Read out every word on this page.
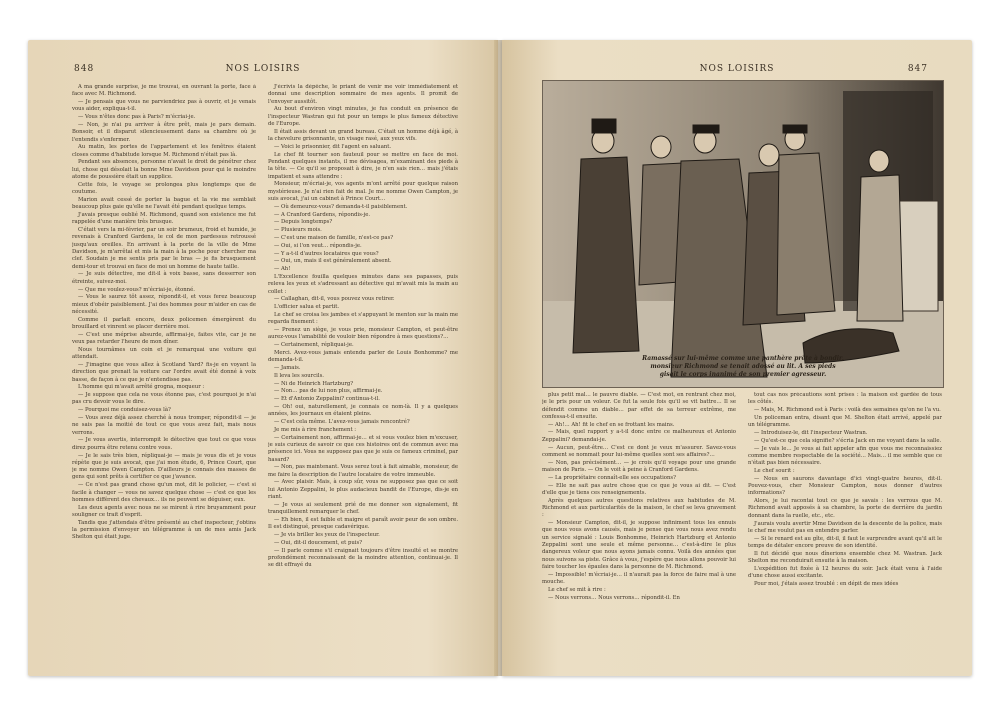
848	NOS LOISIRS

A ma grande surprise, je me trouvai, en ouvrant la porte, face à face avec M. Richmond.

— Je pensais que vous ne parviendriez pas à ouvrir, et je venais vous aider, expliqua-t-il.

— Vous n'êtes donc pas à Paris? m'écriai-je.

— Non, je n'ai pu arriver à être prêt, mais je pars demain. Bonsoir, et il disparut silencieusement dans sa chambre où je l'entendis s'enfermer.

Au matin, les portes de l'appartement et les fenêtres étaient closes comme d'habitude lorsque M. Richmond n'était pas là.

Pendant ses absences, personne n'avait le droit de pénétrer chez lui, chose qui désolait la bonne Mme Davidson pour qui le moindre atome de poussière était un supplice.

Cette fois, le voyage se prolongea plus longtemps que de coutume.

Marion avait cessé de porter la bague et la vie me semblait beaucoup plus gaie qu'elle ne l'avait été pendant quelque temps.

J'avais presque oublié M. Richmond, quand son existence me fut rappelée d'une manière très brusque.

C'était vers la mi-février, par un soir brumeux, froid et humide, je revenais à Cranford Gardens, le col de mon pardessus retroussé jusqu'aux oreilles. En arrivant à la porte de la ville de Mme Davidson, je m'arrêtai et mis la main à la poche pour chercher ma clef. Soudain je me sentis pris par le bras — je fis brusquement demi-tour et trouvai en face de moi un homme de haute taille.

— Je suis détective, me dit-il à voix basse, sans desserrer son étreinte, suivez-moi.

— Que me voulez-vous? m'écriai-je, étonné.

— Vous le saurez tôt assez, répondit-il, et vous ferez beaucoup mieux d'obéir paisiblement. J'ai des hommes pour m'aider en cas de nécessité.

Comme il parlait encore, deux policemen émergèrent du brouillard et vinrent se placer derrière moi.

— C'est une méprise absurde, affirmai-je, faites vite, car je ne veux pas retarder l'heure de mon dîner.

Nous tournâmes un coin et je remarquai une voiture qui attendait.

— J'imagine que vous allez à Scotland Yard? fis-je en voyant la direction que prenait la voiture car l'ordre avait été donné à voix basse, de façon à ce que je n'entendisse pas.

L'homme qui m'avait arrêté grogna, moqueur :

— Je suppose que cela ne vous étonne pas, c'est pourquoi je n'ai pas cru devoir vous le dire.

— Pourquoi me conduisez-vous là?

— Vous avez déjà assez cherché à nous tromper, répondit-il — je ne sais pas la moitié de tout ce que vous avez fait, mais nous verrons.

— Je vous avertis, interrompit le détective que tout ce que vous direz pourra être retenu contre vous.

— Je le sais très bien, répliquai-je — mais je vous dis et je vous répète que je suis avocat, que j'ai mon étude, 6, Prince Court, que je me nomme Owen Campton. D'ailleurs je connais des masses de gens qui sont prêts à certifier ce que j'avance.

— Ce n'est pas grand chose qu'un mot, dit le policier, — c'est si facile à changer — vous ne savez quelque chose — c'est ce que les hommes diffèrent des chevaux… ils ne peuvent se déguiser, eux.

Les deux agents avec nous ne se mirent à rire bruyamment pour souligner ce trait d'esprit.

Tandis que j'attendais d'être présenté au chef inspecteur, j'obtins la permission d'envoyer un télégramme à un de mes amis Jack Shelton qui était juge.

J'écrivis la dépêche, le priant de venir me voir immédiatement et donnai une description sommaire de mes agents. Il promit de l'envoyer aussitôt.

Au bout d'environ vingt minutes, je fus conduit en présence de l'inspecteur Wastran qui fut pour un temps le plus fameux détective de l'Europe.

Il était assis devant un grand bureau. C'était un homme déjà âgé, à la chevelure grisonnante, un visage rasé, aux yeux vifs.

— Voici le prisonnier, dit l'agent en saluant.

Le chef fit tourner son fauteuil pour se mettre en face de moi. Pendant quelques instants, il me dévisagea, m'examinant des pieds à la tête. — Ce qu'il se proposait à dire, je n'en sais rien… mais j'étais impatient et sans attendre :

Monsieur, m'écriai-je, vos agents m'ont arrêté pour quelque raison mystérieuse. Je n'ai rien fait de mal. Je me nomme Owen Campton, je suis avocat, j'ai un cabinet à Prince Court…

— Où demeurez-vous? demanda-t-il paisiblement.

— A Cranford Gardens, répondis-je.

— Depuis longtemps?

— Plusieurs mois.

— C'est une maison de famille, n'est-ce pas?

— Oui, si l'on veut… répondis-je.

— Y a-t-il d'autres locataires que vous?

— Oui, un, mais il est généralement absent.

— Ah!

L'Excellence fouilla quelques minutes dans ses papasses, puis releva les yeux et s'adressant au détective qui m'avait mis la main au collet :

— Callaghan, dit-il, vous pouvez vous retirer.

L'officier salua et partit.

Le chef se croisa les jambes et s'appuyant le menton sur la main me regarda fixement :

— Prenez un siège, je vous prie, monsieur Campton, et peut-être aurez-vous l'amabilité de vouloir bien répondre à mes questions?…

— Certainement, répliquai-je.

Merci. Avez-vous jamais entendu parler de Louis Bonhomme? me demanda-t-il.

— Jamais.

Il leva les sourcils.

— Ni de Heinrich Hartzburg?

— Non… pas de lui non plus, affirmai-je.

— Et d'Antonio Zeppalini? continua-t-il.

— Oh! oui, naturellement, je connais ce nom-là. Il y a quelques années, les journaux en étaient pleins.

— C'est cela même. L'avez-vous jamais rencontré?

Je me mis à rire franchement :

— Certainement non, affirmai-je… et si vous voulez bien m'excuser, je suis curieux de savoir ce que ces histoires ont de commun avec ma présence ici. Vous ne supposez pas que je suis ce fameux criminel, par hasard?

— Non, pas maintenant. Vous serez tout à fait aimable, monsieur, de me faire la description de l'autre locataire de votre immeuble.

— Avec plaisir. Mais, à coup sûr, vous ne supposez pas que ce soit lui Antonio Zeppalini, le plus audacieux bandit de l'Europe, dis-je en riant.

— Je vous ai seulement prié de me donner son signalement, fit tranquillement remarquer le chef.

— Eh bien, il est faible et maigre et paraît avoir peur de son ombre. Il est distingué, presque cadavérique.

— Je vis briller les yeux de l'inspecteur.

— Oui, dit-il doucement, et puis?

— Il parle comme s'il craignait toujours d'être insulté et se montre profondément reconnaissant de la moindre attention, continuai-je. Il se dit effrayé du

NOS LOISIRS	847
Ramassé sur lui-même comme une panthère prête à bondir,
monsieur Richmond se tenait adossé au lit. A ses pieds
gisait le corps inanimé de son premier agresseur.

plus petit mal… le pauvre diable. — C'est mot, en rentrant chez moi, je le pris pour un voleur. Ce fut la seule fois qu'il se vit battre… Il se défendit comme un diable… par effet de sa terreur extrême, me confessa-t-il ensuite.

— Ah!… Ah! fit le chef en se frottant les mains.

— Mais, quel rapport y a-t-il donc entre ce malheureux et Antonio Zeppalini? demandai-je.

— Aucun, peut-être… C'est ce dont je veux m'assurer. Savez-vous comment se nommait pour lui-même quelles sont ses affaires?…

— Non, pas précisément… — je crois qu'il voyage pour une grande maison de Paris. — On le voit à peine à Cranford Gardens.

— La propriétaire connaît-elle ses occupations?

— Elle ne sait pas autre chose que ce que je vous ai dit. — C'est d'elle que je tiens ces renseignements.

Après quelques autres questions relatives aux habitudes de M. Richmond et aux particularités de la maison, le chef se leva gravement :

— Monsieur Campton, dit-il, je suppose infiniment tous les ennuis que nous vous avons causés, mais je pense que vous nous avez rendu un service signalé : Louis Bonhomme, Heinrich Hartzburg et Antonio Zeppalini sont une seule et même personne… c'est-à-dire le plus dangereux voleur que nous ayons jamais connu. Voilà des années que nous suivons sa piste. Grâce à vous, j'espère que nous allons pouvoir lui faire toucher les épaules dans la personne de M. Richmond.

— Impossible! m'écriai-je… il n'aurait pas la force de faire mal à une mouche.

Le chef se mit à rire :

— Nous verrons… Nous verrons… répondit-il. En

tout cas nos précautions sont prises : la maison est gardée de tous les côtés.

— Mais, M. Richmond est à Paris : voilà des semaines qu'on ne l'a vu.

Un policeman entra, disant que M. Shelton était arrivé, appelé par un télégramme.

— Introduisez-le, dit l'inspecteur Wastran.

— Qu'est-ce que cela signifie? s'écria Jack en me voyant dans la salle.

— Je vais le… Je vous ai fait appeler afin que vous me reconnaissiez comme membre respectable de la société… Mais… il me semble que ce n'était pas bien nécessaire.

Le chef sourit :

— Nous en saurons davantage d'ici vingt-quatre heures, dit-il. Pouvez-vous, cher Monsieur Campton, nous donner d'autres informations?

Alors, je lui racontai tout ce que je savais : les verrous que M. Richmond avait apposés à sa chambre, la porte de derrière du jardin donnant dans la ruelle, etc., etc.

J'aurais voulu avertir Mme Davidson de la descente de la police, mais le chef me voulut pas en entendre parler.

— Si le renard est au gîte, dit-il, il faut le surprendre avant qu'il ait le temps de détaler encore preuve de son identité.

Il fut décidé que nous dînerions ensemble chez M. Wastran. Jack Shelton me reconduirait ensuite à la maison.

L'expédition fut fixée à 12 heures du soir. Jack était venu à l'aide d'une chose aussi excitante.

Pour moi, j'étais assez troublé : en dépit de mes idées
